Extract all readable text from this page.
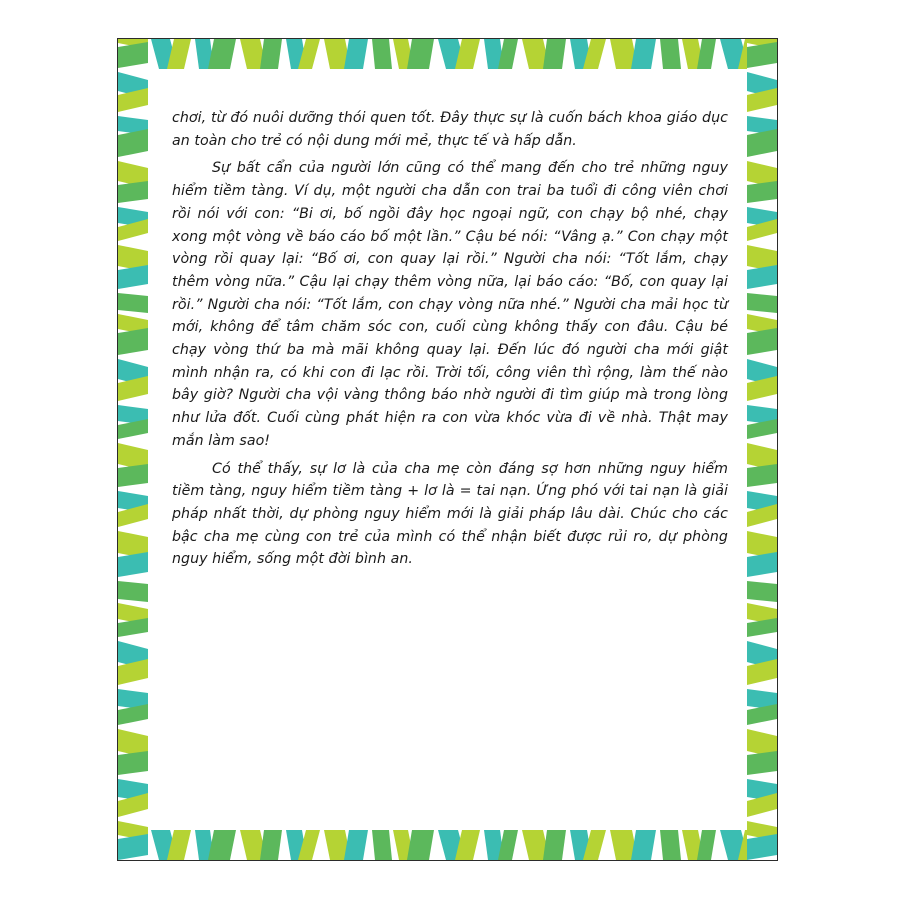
chơi, từ đó nuôi dưỡng thói quen tốt. Đây thực sự là cuốn bách khoa giáo dục an toàn cho trẻ có nội dung mới mẻ, thực tế và hấp dẫn.

Sự bất cẩn của người lớn cũng có thể mang đến cho trẻ những nguy hiểm tiềm tàng. Ví dụ, một người cha dẫn con trai ba tuổi đi công viên chơi rồi nói với con: “Bi ơi, bố ngồi đây học ngoại ngữ, con chạy bộ nhé, chạy xong một vòng về báo cáo bố một lần.” Cậu bé nói: “Vâng ạ.” Con chạy một vòng rồi quay lại: “Bố ơi, con quay lại rồi.” Người cha nói: “Tốt lắm, chạy thêm vòng nữa.” Cậu lại chạy thêm vòng nữa, lại báo cáo: “Bố, con quay lại rồi.” Người cha nói: “Tốt lắm, con chạy vòng nữa nhé.” Người cha mải học từ mới, không để tâm chăm sóc con, cuối cùng không thấy con đâu. Cậu bé chạy vòng thứ ba mà mãi không quay lại. Đến lúc đó người cha mới giật mình nhận ra, có khi con đi lạc rồi. Trời tối, công viên thì rộng, làm thế nào bây giờ? Người cha vội vàng thông báo nhờ người đi tìm giúp mà trong lòng như lửa đốt. Cuối cùng phát hiện ra con vừa khóc vừa đi về nhà. Thật may mắn làm sao!

Có thể thấy, sự lơ là của cha mẹ còn đáng sợ hơn những nguy hiểm tiềm tàng, nguy hiểm tiềm tàng + lơ là = tai nạn. Ứng phó với tai nạn là giải pháp nhất thời, dự phòng nguy hiểm mới là giải pháp lâu dài. Chúc cho các bậc cha mẹ cùng con trẻ của mình có thể nhận biết được rủi ro, dự phòng nguy hiểm, sống một đời bình an.
